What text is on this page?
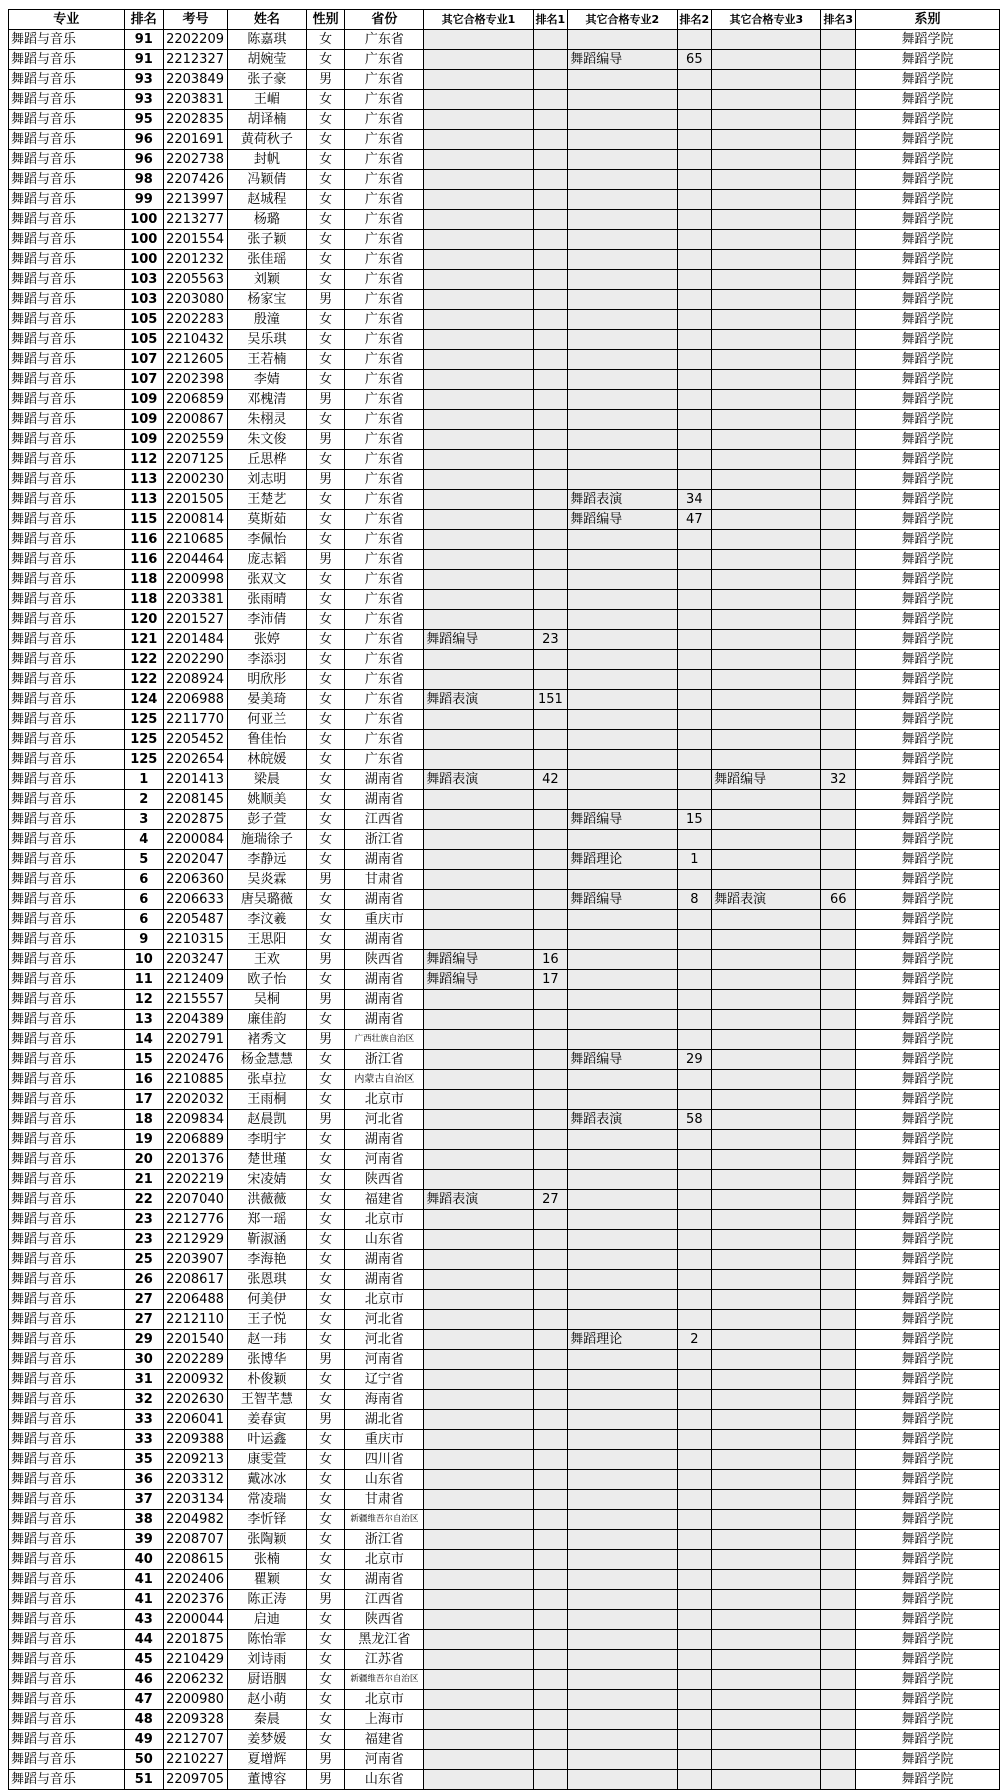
专业	排名	考号	姓名	性别	省份	其它合格专业1	排名1	其它合格专业2	排名2	其它合格专业3	排名3	系别
舞蹈与音乐	91	2202209	陈嘉琪	女	广东省							舞蹈学院
舞蹈与音乐	91	2212327	胡婉莹	女	广东省			舞蹈编导	65			舞蹈学院
舞蹈与音乐	93	2203849	张子豪	男	广东省							舞蹈学院
舞蹈与音乐	93	2203831	王嵋	女	广东省							舞蹈学院
舞蹈与音乐	95	2202835	胡译楠	女	广东省							舞蹈学院
舞蹈与音乐	96	2201691	黄荷秋子	女	广东省							舞蹈学院
舞蹈与音乐	96	2202738	封帆	女	广东省							舞蹈学院
舞蹈与音乐	98	2207426	冯颖倩	女	广东省							舞蹈学院
舞蹈与音乐	99	2213997	赵城程	女	广东省							舞蹈学院
舞蹈与音乐	100	2213277	杨璐	女	广东省							舞蹈学院
舞蹈与音乐	100	2201554	张子颖	女	广东省							舞蹈学院
舞蹈与音乐	100	2201232	张佳瑶	女	广东省							舞蹈学院
舞蹈与音乐	103	2205563	刘颖	女	广东省							舞蹈学院
舞蹈与音乐	103	2203080	杨家宝	男	广东省							舞蹈学院
舞蹈与音乐	105	2202283	殷潼	女	广东省							舞蹈学院
舞蹈与音乐	105	2210432	吴乐琪	女	广东省							舞蹈学院
舞蹈与音乐	107	2212605	王若楠	女	广东省							舞蹈学院
舞蹈与音乐	107	2202398	李婧	女	广东省							舞蹈学院
舞蹈与音乐	109	2206859	邓槐清	男	广东省							舞蹈学院
舞蹈与音乐	109	2200867	朱栩灵	女	广东省							舞蹈学院
舞蹈与音乐	109	2202559	朱文俊	男	广东省							舞蹈学院
舞蹈与音乐	112	2207125	丘思桦	女	广东省							舞蹈学院
舞蹈与音乐	113	2200230	刘志明	男	广东省							舞蹈学院
舞蹈与音乐	113	2201505	王楚艺	女	广东省			舞蹈表演	34			舞蹈学院
舞蹈与音乐	115	2200814	莫斯茹	女	广东省			舞蹈编导	47			舞蹈学院
舞蹈与音乐	116	2210685	李佩怡	女	广东省							舞蹈学院
舞蹈与音乐	116	2204464	庞志韬	男	广东省							舞蹈学院
舞蹈与音乐	118	2200998	张双文	女	广东省							舞蹈学院
舞蹈与音乐	118	2203381	张雨晴	女	广东省							舞蹈学院
舞蹈与音乐	120	2201527	李沛倩	女	广东省							舞蹈学院
舞蹈与音乐	121	2201484	张婷	女	广东省	舞蹈编导	23					舞蹈学院
舞蹈与音乐	122	2202290	李添羽	女	广东省							舞蹈学院
舞蹈与音乐	122	2208924	明欣彤	女	广东省							舞蹈学院
舞蹈与音乐	124	2206988	晏美琦	女	广东省	舞蹈表演	151					舞蹈学院
舞蹈与音乐	125	2211770	何亚兰	女	广东省							舞蹈学院
舞蹈与音乐	125	2205452	鲁佳怡	女	广东省							舞蹈学院
舞蹈与音乐	125	2202654	林皖媛	女	广东省							舞蹈学院
舞蹈与音乐	1	2201413	梁晨	女	湖南省	舞蹈表演	42			舞蹈编导	32	舞蹈学院
舞蹈与音乐	2	2208145	姚顺美	女	湖南省							舞蹈学院
舞蹈与音乐	3	2202875	彭子萱	女	江西省			舞蹈编导	15			舞蹈学院
舞蹈与音乐	4	2200084	施瑞徐子	女	浙江省							舞蹈学院
舞蹈与音乐	5	2202047	李静远	女	湖南省			舞蹈理论	1			舞蹈学院
舞蹈与音乐	6	2206360	吴炎霖	男	甘肃省							舞蹈学院
舞蹈与音乐	6	2206633	唐吴璐薇	女	湖南省			舞蹈编导	8	舞蹈表演	66	舞蹈学院
舞蹈与音乐	6	2205487	李汶羲	女	重庆市							舞蹈学院
舞蹈与音乐	9	2210315	王思阳	女	湖南省							舞蹈学院
舞蹈与音乐	10	2203247	王欢	男	陕西省	舞蹈编导	16					舞蹈学院
舞蹈与音乐	11	2212409	欧子怡	女	湖南省	舞蹈编导	17					舞蹈学院
舞蹈与音乐	12	2215557	吴桐	男	湖南省							舞蹈学院
舞蹈与音乐	13	2204389	廉佳韵	女	湖南省							舞蹈学院
舞蹈与音乐	14	2202791	褚秀文	男	广西壮族自治区							舞蹈学院
舞蹈与音乐	15	2202476	杨金慧慧	女	浙江省			舞蹈编导	29			舞蹈学院
舞蹈与音乐	16	2210885	张卓拉	女	内蒙古自治区							舞蹈学院
舞蹈与音乐	17	2202032	王雨桐	女	北京市							舞蹈学院
舞蹈与音乐	18	2209834	赵晨凯	男	河北省			舞蹈表演	58			舞蹈学院
舞蹈与音乐	19	2206889	李明宇	女	湖南省							舞蹈学院
舞蹈与音乐	20	2201376	楚世瑾	女	河南省							舞蹈学院
舞蹈与音乐	21	2202219	宋凌婧	女	陕西省							舞蹈学院
舞蹈与音乐	22	2207040	洪薇薇	女	福建省	舞蹈表演	27					舞蹈学院
舞蹈与音乐	23	2212776	郑一瑶	女	北京市							舞蹈学院
舞蹈与音乐	23	2212929	靳淑涵	女	山东省							舞蹈学院
舞蹈与音乐	25	2203907	李海艳	女	湖南省							舞蹈学院
舞蹈与音乐	26	2208617	张恩琪	女	湖南省							舞蹈学院
舞蹈与音乐	27	2206488	何美伊	女	北京市							舞蹈学院
舞蹈与音乐	27	2212110	王子悦	女	河北省							舞蹈学院
舞蹈与音乐	29	2201540	赵一玮	女	河北省			舞蹈理论	2			舞蹈学院
舞蹈与音乐	30	2202289	张博华	男	河南省							舞蹈学院
舞蹈与音乐	31	2200932	朴俊颖	女	辽宁省							舞蹈学院
舞蹈与音乐	32	2202630	王智芊慧	女	海南省							舞蹈学院
舞蹈与音乐	33	2206041	姜春寅	男	湖北省							舞蹈学院
舞蹈与音乐	33	2209388	叶运鑫	女	重庆市							舞蹈学院
舞蹈与音乐	35	2209213	康雯萱	女	四川省							舞蹈学院
舞蹈与音乐	36	2203312	戴冰冰	女	山东省							舞蹈学院
舞蹈与音乐	37	2203134	常凌瑞	女	甘肃省							舞蹈学院
舞蹈与音乐	38	2204982	李忻铎	女	新疆维吾尔自治区							舞蹈学院
舞蹈与音乐	39	2208707	张陶颖	女	浙江省							舞蹈学院
舞蹈与音乐	40	2208615	张楠	女	北京市							舞蹈学院
舞蹈与音乐	41	2202406	瞿颖	女	湖南省							舞蹈学院
舞蹈与音乐	41	2202376	陈正涛	男	江西省							舞蹈学院
舞蹈与音乐	43	2200044	启迪	女	陕西省							舞蹈学院
舞蹈与音乐	44	2201875	陈怡霏	女	黑龙江省							舞蹈学院
舞蹈与音乐	45	2210429	刘诗雨	女	江苏省							舞蹈学院
舞蹈与音乐	46	2206232	厨语胭	女	新疆维吾尔自治区							舞蹈学院
舞蹈与音乐	47	2200980	赵小萌	女	北京市							舞蹈学院
舞蹈与音乐	48	2209328	秦晨	女	上海市							舞蹈学院
舞蹈与音乐	49	2212707	姜梦媛	女	福建省							舞蹈学院
舞蹈与音乐	50	2210227	夏增辉	男	河南省							舞蹈学院
舞蹈与音乐	51	2209705	董博容	男	山东省							舞蹈学院
